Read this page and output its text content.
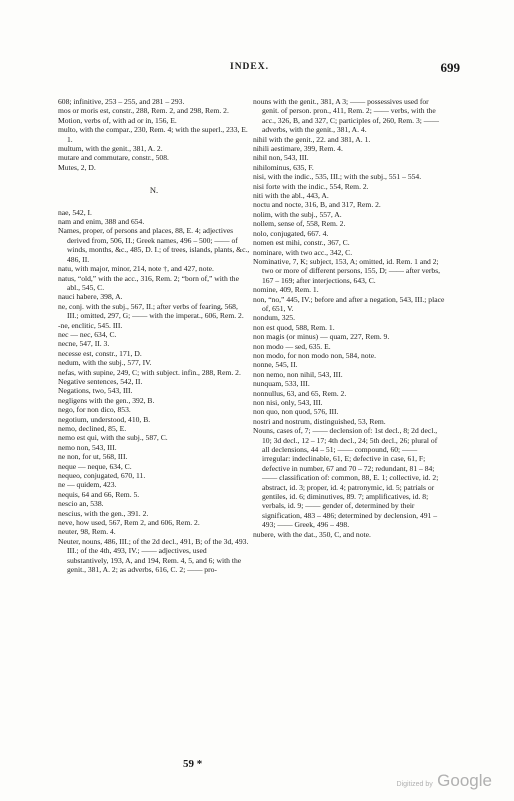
INDEX.	699
608; infinitive, 253 – 255, and 281 – 293.
mos or moris est, constr., 288, Rem. 2, and 298, Rem. 2.
Motion, verbs of, with ad or in, 156, E.
multo, with the compar., 230, Rem. 4; with the superl., 233, E. 1.
multum, with the genit., 381, A. 2.
mutare and commutare, constr., 508.
Mutes, 2, D.
N.
nae, 542, I.
nam and enim, 388 and 654.
Names, proper, of persons and places, 88, E. 4; adjectives derived from, 506, II.; Greek names, 496 – 500; —— of winds, months, &c., 485, D. I.; of trees, islands, plants, &c., 486, II.
natu, with major, minor, 214, note †, and 427, note.
natus, “old,” with the acc., 316, Rem. 2; “born of,” with the abl., 545, C.
nauci habere, 398, A.
ne, conj. with the subj., 567, II.; after verbs of fearing, 568, III.; omitted, 297, G; —— with the imperat., 606, Rem. 2.
-ne, enclitic, 545. III.
nec — nec, 634, C.
necne, 547, II. 3.
necesse est, constr., 171, D.
nedum, with the subj., 577, IV.
nefas, with supine, 249, C; with subject. infin., 288, Rem. 2.
Negative sentences, 542, II.
Negations, two, 543, III.
negligens with the gen., 392, B.
nego, for non dico, 853.
negotium, understood, 410, B.
nemo, declined, 85, E.
nemo est qui, with the subj., 587, C.
nemo non, 543, III.
ne non, for ut, 568, III.
neque — neque, 634, C.
nequeo, conjugated, 670, 11.
ne — quidem, 423.
nequis, 64 and 66, Rem. 5.
nescio an, 538.
nescius, with the gen., 391. 2.
neve, how used, 567, Rem 2, and 606, Rem. 2.
neuter, 98, Rem. 4.
Neuter, nouns, 486, III.; of the 2d decl., 491, B; of the 3d, 493. III.; of the 4th, 493, IV.; —— adjectives, used substantively, 193, A, and 194, Rem. 4, 5, and 6; with the genit., 381, A. 2; as adverbs, 616, C. 2; —— pro-
nouns with the genit., 381, A 3; —— possessives used for genit. of person. pron., 411, Rem. 2; —— verbs, with the acc., 326, B, and 327, C; participles of, 260, Rem. 3; —— adverbs, with the genit., 381, A. 4.
nihil with the genit., 22. and 381, A. 1.
nihili aestimare, 399, Rem. 4.
nihil non, 543, III.
nihilominus, 635, F.
nisi, with the indic., 535, III.; with the subj., 551 – 554.
nisi forte with the indic., 554, Rem. 2.
niti with the abl., 443, A.
noctu and nocte, 316, B, and 317, Rem. 2.
nolim, with the subj., 557, A.
nollem, sense of, 558, Rem. 2.
nolo, conjugated, 667. 4.
nomen est mihi, constr., 367, C.
nominare, with two acc., 342, C.
Nominative, 7, K; subject, 153, A; omitted, id. Rem. 1 and 2; two or more of different persons, 155, D; —— after verbs, 167 – 169; after interjections, 643, C.
nomine, 409, Rem. 1.
non, “no,” 445, IV.; before and after a negation, 543, III.; place of, 651, V.
nondum, 325.
non est quod, 588, Rem. 1.
non magis (or minus) — quam, 227, Rem. 9.
non modo — sed, 635. E.
non modo, for non modo non, 584, note.
nonne, 545, II.
non nemo, non nihil, 543, III.
nunquam, 533, III.
nonnullus, 63, and 65, Rem. 2.
non nisi, only, 543, III.
non quo, non quod, 576, III.
nostri and nostrum, distinguished, 53, Rem.
Nouns, cases of, 7; —— declension of: 1st decl., 8; 2d decl., 10; 3d decl., 12 – 17; 4th decl., 24; 5th decl., 26; plural of all declensions, 44 – 51; —— compound, 60; —— irregular: indeclinable, 61, E; defective in case, 61, F; defective in number, 67 and 70 – 72; redundant, 81 – 84; —— classification of: common, 88, E. 1; collective, id. 2; abstract, id. 3; proper, id. 4; patronymic, id. 5; patrials or gentiles, id. 6; diminutives, 89. 7; amplificatives, id. 8; verbals, id. 9; —— gender of, determined by their signification, 483 – 486; determined by declension, 491 – 493; —— Greek, 496 – 498.
nubere, with the dat., 350, C, and note.
59 *
Digitized by Google
